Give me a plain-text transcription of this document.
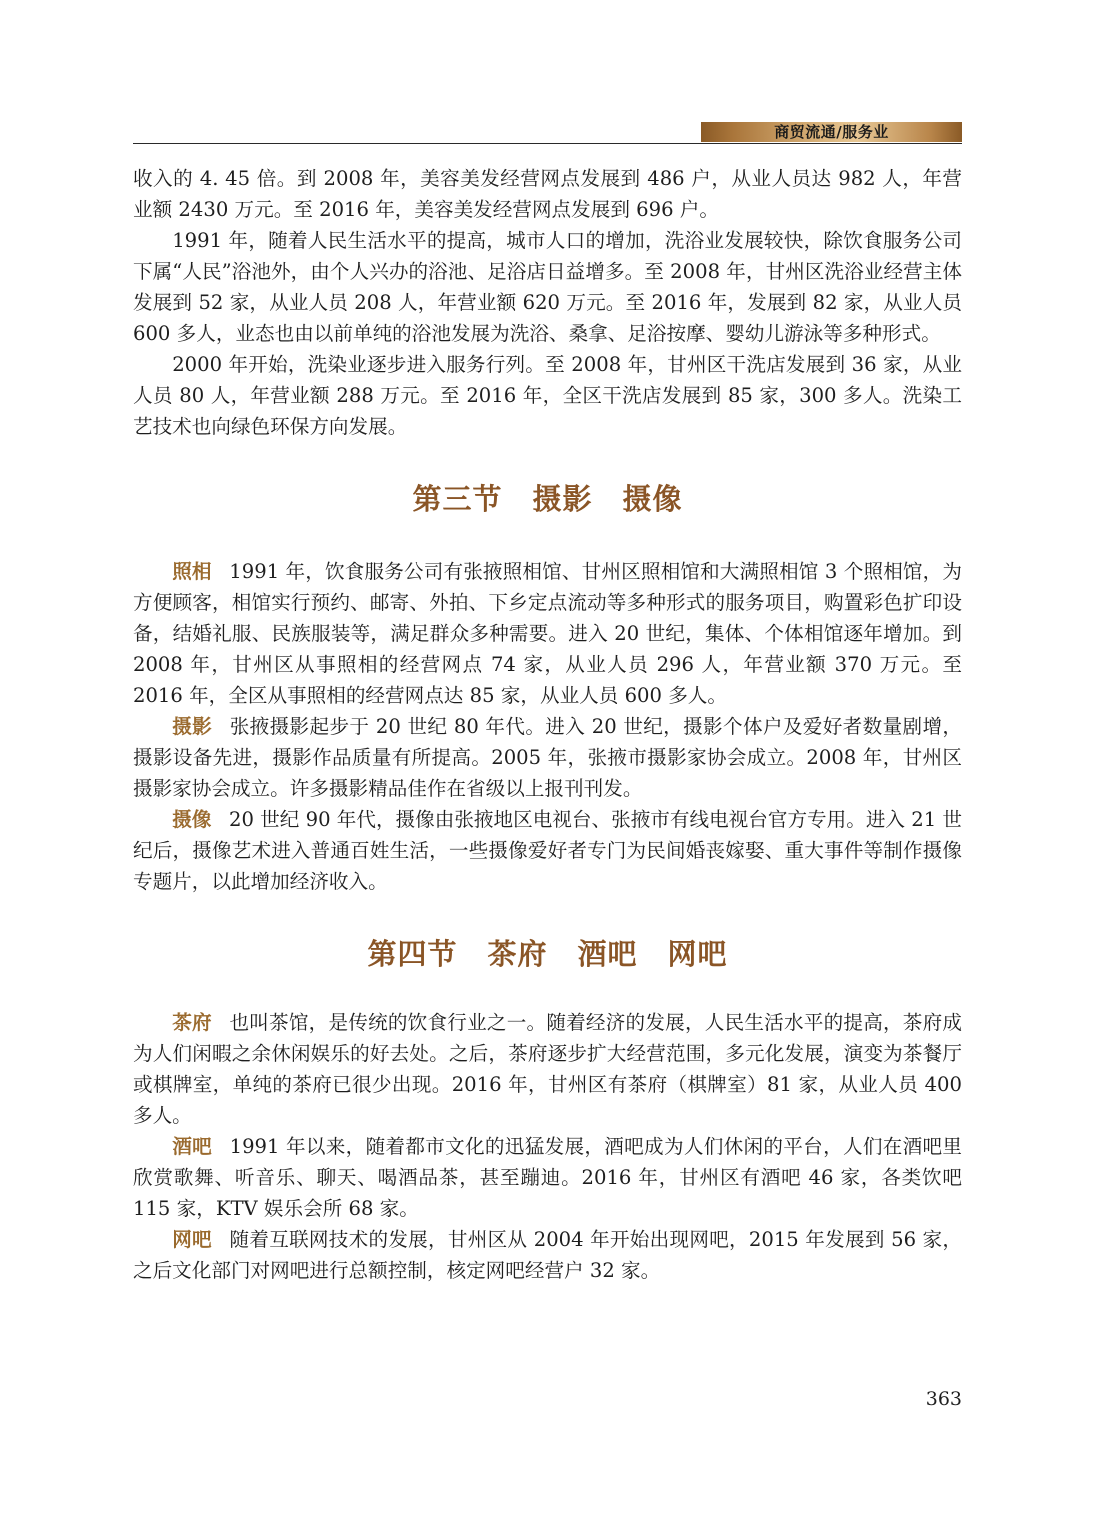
商贸流通/服务业

收入的 4. 45 倍。到 2008 年，美容美发经营网点发展到 486 户，从业人员达 982 人，年营业额 2430 万元。至 2016 年，美容美发经营网点发展到 696 户。

1991 年，随着人民生活水平的提高，城市人口的增加，洗浴业发展较快，除饮食服务公司下属“人民”浴池外，由个人兴办的浴池、足浴店日益增多。至 2008 年，甘州区洗浴业经营主体发展到 52 家，从业人员 208 人，年营业额 620 万元。至 2016 年，发展到 82 家，从业人员 600 多人，业态也由以前单纯的浴池发展为洗浴、桑拿、足浴按摩、婴幼儿游泳等多种形式。

2000 年开始，洗染业逐步进入服务行列。至 2008 年，甘州区干洗店发展到 36 家，从业人员 80 人，年营业额 288 万元。至 2016 年，全区干洗店发展到 85 家，300 多人。洗染工艺技术也向绿色环保方向发展。

第三节 摄影 摄像

照相 1991 年，饮食服务公司有张掖照相馆、甘州区照相馆和大满照相馆 3 个照相馆，为方便顾客，相馆实行预约、邮寄、外拍、下乡定点流动等多种形式的服务项目，购置彩色扩印设备，结婚礼服、民族服装等，满足群众多种需要。进入 20 世纪，集体、个体相馆逐年增加。到 2008 年，甘州区从事照相的经营网点 74 家，从业人员 296 人，年营业额 370 万元。至 2016 年，全区从事照相的经营网点达 85 家，从业人员 600 多人。

摄影 张掖摄影起步于 20 世纪 80 年代。进入 20 世纪，摄影个体户及爱好者数量剧增，摄影设备先进，摄影作品质量有所提高。2005 年，张掖市摄影家协会成立。2008 年，甘州区摄影家协会成立。许多摄影精品佳作在省级以上报刊刊发。

摄像 20 世纪 90 年代，摄像由张掖地区电视台、张掖市有线电视台官方专用。进入 21 世纪后，摄像艺术进入普通百姓生活，一些摄像爱好者专门为民间婚丧嫁娶、重大事件等制作摄像专题片，以此增加经济收入。

第四节 茶府 酒吧 网吧

茶府 也叫茶馆，是传统的饮食行业之一。随着经济的发展，人民生活水平的提高，茶府成为人们闲暇之余休闲娱乐的好去处。之后，茶府逐步扩大经营范围，多元化发展，演变为茶餐厅或棋牌室，单纯的茶府已很少出现。2016 年，甘州区有茶府（棋牌室）81 家，从业人员 400 多人。

酒吧 1991 年以来，随着都市文化的迅猛发展，酒吧成为人们休闲的平台，人们在酒吧里欣赏歌舞、听音乐、聊天、喝酒品茶，甚至蹦迪。2016 年，甘州区有酒吧 46 家，各类饮吧 115 家，KTV 娱乐会所 68 家。

网吧 随着互联网技术的发展，甘州区从 2004 年开始出现网吧，2015 年发展到 56 家，之后文化部门对网吧进行总额控制，核定网吧经营户 32 家。

363
